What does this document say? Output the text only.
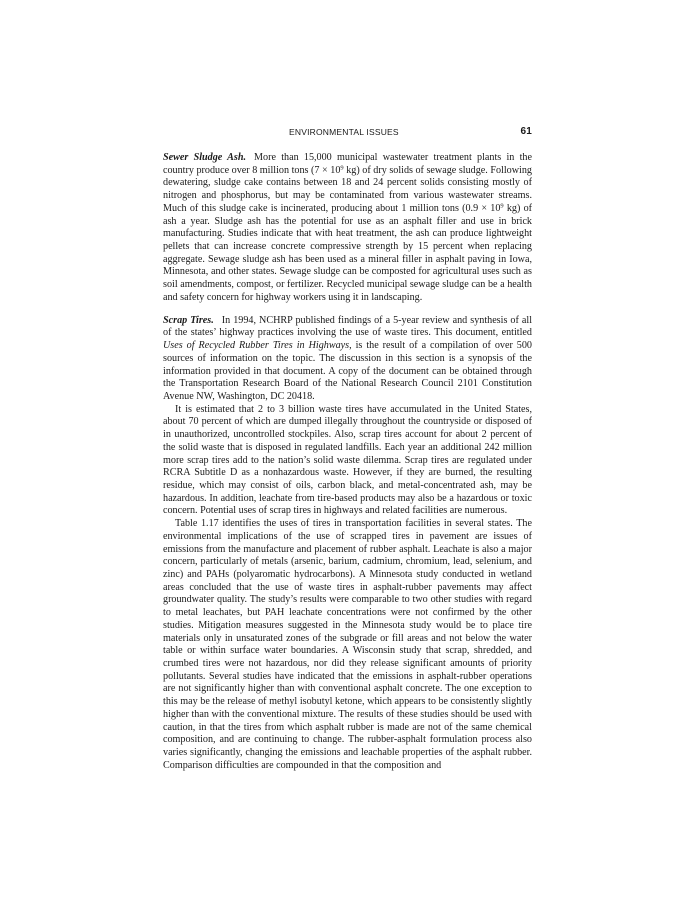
ENVIRONMENTAL ISSUES	61

Sewer Sludge Ash. More than 15,000 municipal wastewater treatment plants in the country produce over 8 million tons ($7 \times 10^9$ kg) of dry solids of sewage sludge. Following dewatering, sludge cake contains between 18 and 24 percent solids consisting mostly of nitrogen and phosphorus, but may be contaminated from various wastewater streams. Much of this sludge cake is incinerated, producing about 1 million tons ($0.9 \times 10^9$ kg) of ash a year. Sludge ash has the potential for use as an asphalt filler and use in brick manufacturing. Studies indicate that with heat treatment, the ash can produce lightweight pellets that can increase concrete compressive strength by 15 percent when replacing aggregate. Sewage sludge ash has been used as a mineral filler in asphalt paving in Iowa, Minnesota, and other states. Sewage sludge can be composted for agricultural uses such as soil amendments, compost, or fertilizer. Recycled municipal sewage sludge can be a health and safety concern for highway workers using it in landscaping.

Scrap Tires. In 1994, NCHRP published findings of a 5-year review and synthesis of all of the states’ highway practices involving the use of waste tires. This document, entitled Uses of Recycled Rubber Tires in Highways, is the result of a compilation of over 500 sources of information on the topic. The discussion in this section is a synopsis of the information provided in that document. A copy of the document can be obtained through the Transportation Research Board of the National Research Council 2101 Constitution Avenue NW, Washington, DC 20418.

It is estimated that 2 to 3 billion waste tires have accumulated in the United States, about 70 percent of which are dumped illegally throughout the countryside or disposed of in unauthorized, uncontrolled stockpiles. Also, scrap tires account for about 2 percent of the solid waste that is disposed in regulated landfills. Each year an additional 242 million more scrap tires add to the nation’s solid waste dilemma. Scrap tires are regulated under RCRA Subtitle D as a nonhazardous waste. However, if they are burned, the resulting residue, which may consist of oils, carbon black, and metal-concentrated ash, may be hazardous. In addition, leachate from tire-based products may also be a hazardous or toxic concern. Potential uses of scrap tires in highways and related facilities are numerous.

Table 1.17 identifies the uses of tires in transportation facilities in several states. The environmental implications of the use of scrapped tires in pavement are issues of emissions from the manufacture and placement of rubber asphalt. Leachate is also a major concern, particularly of metals (arsenic, barium, cadmium, chromium, lead, selenium, and zinc) and PAHs (polyaromatic hydrocarbons). A Minnesota study conducted in wetland areas concluded that the use of waste tires in asphalt-rubber pavements may affect groundwater quality. The study’s results were comparable to two other studies with regard to metal leachates, but PAH leachate concentrations were not confirmed by the other studies. Mitigation measures suggested in the Minnesota study would be to place tire materials only in unsaturated zones of the subgrade or fill areas and not below the water table or within surface water boundaries. A Wisconsin study that scrap, shredded, and crumbed tires were not hazardous, nor did they release significant amounts of priority pollutants. Several studies have indicated that the emissions in asphalt-rubber operations are not significantly higher than with conventional asphalt concrete. The one exception to this may be the release of methyl isobutyl ketone, which appears to be consistently slightly higher than with the conventional mixture. The results of these studies should be used with caution, in that the tires from which asphalt rubber is made are not of the same chemical composition, and are continuing to change. The rubber-asphalt formulation process also varies significantly, changing the emissions and leachable properties of the asphalt rubber. Comparison difficulties are compounded in that the composition and
